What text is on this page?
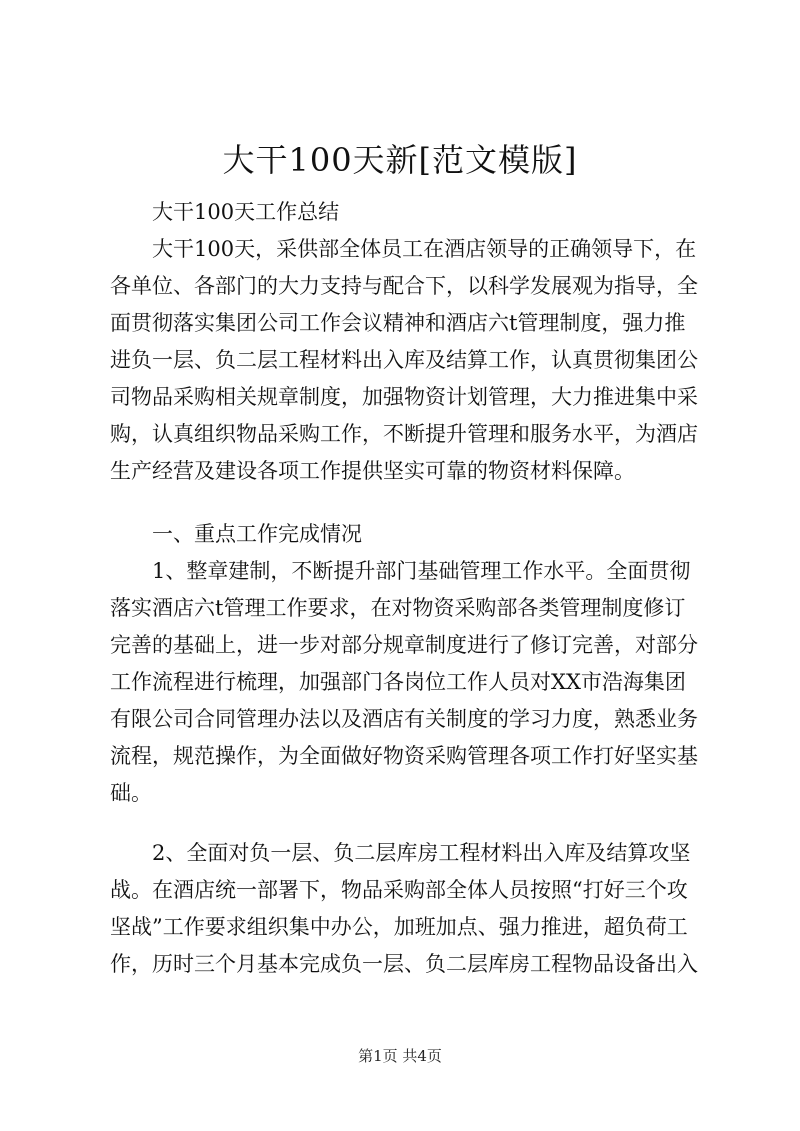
大干100天新[范文模版]
大干100天工作总结
大干100天，采供部全体员工在酒店领导的正确领导下，在
各单位、各部门的大力支持与配合下，以科学发展观为指导，全
面贯彻落实集团公司工作会议精神和酒店六t管理制度，强力推
进负一层、负二层工程材料出入库及结算工作，认真贯彻集团公
司物品采购相关规章制度，加强物资计划管理，大力推进集中采
购，认真组织物品采购工作，不断提升管理和服务水平，为酒店
生产经营及建设各项工作提供坚实可靠的物资材料保障。
一、重点工作完成情况
1、整章建制，不断提升部门基础管理工作水平。全面贯彻
落实酒店六t管理工作要求，在对物资采购部各类管理制度修订
完善的基础上，进一步对部分规章制度进行了修订完善，对部分
工作流程进行梳理，加强部门各岗位工作人员对XX市浩海集团
有限公司合同管理办法以及酒店有关制度的学习力度，熟悉业务
流程，规范操作，为全面做好物资采购管理各项工作打好坚实基
础。
2、全面对负一层、负二层库房工程材料出入库及结算攻坚
战。在酒店统一部署下，物品采购部全体人员按照“打好三个攻
坚战”工作要求组织集中办公，加班加点、强力推进，超负荷工
作，历时三个月基本完成负一层、负二层库房工程物品设备出入
第1页 共4页
